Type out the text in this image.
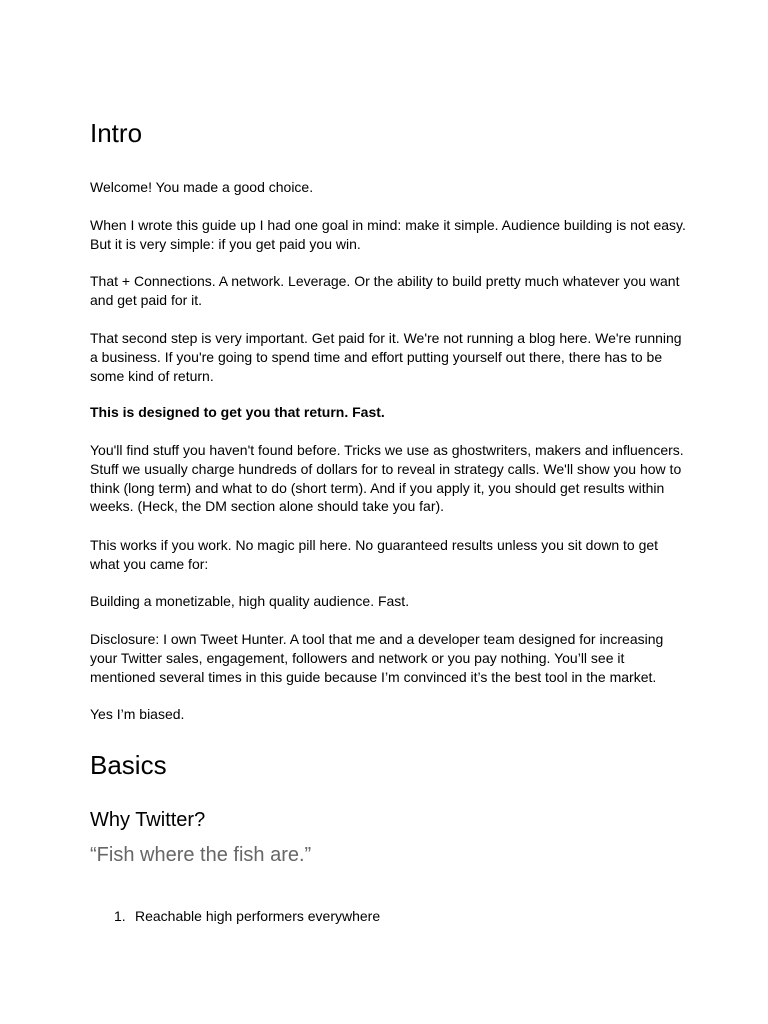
Intro

Welcome! You made a good choice.

When I wrote this guide up I had one goal in mind: make it simple. Audience building is not easy. But it is very simple: if you get paid you win.

That + Connections. A network. Leverage. Or the ability to build pretty much whatever you want and get paid for it.

That second step is very important. Get paid for it. We're not running a blog here. We're running a business. If you're going to spend time and effort putting yourself out there, there has to be some kind of return.

This is designed to get you that return. Fast.

You'll find stuff you haven't found before. Tricks we use as ghostwriters, makers and influencers. Stuff we usually charge hundreds of dollars for to reveal in strategy calls. We'll show you how to think (long term) and what to do (short term). And if you apply it, you should get results within weeks. (Heck, the DM section alone should take you far).

This works if you work. No magic pill here. No guaranteed results unless you sit down to get what you came for:

Building a monetizable, high quality audience. Fast.

Disclosure: I own Tweet Hunter. A tool that me and a developer team designed for increasing your Twitter sales, engagement, followers and network or you pay nothing. You’ll see it mentioned several times in this guide because I’m convinced it’s the best tool in the market.

Yes I’m biased.

Basics
Why Twitter?

“Fish where the fish are.”

1. Reachable high performers everywhere
